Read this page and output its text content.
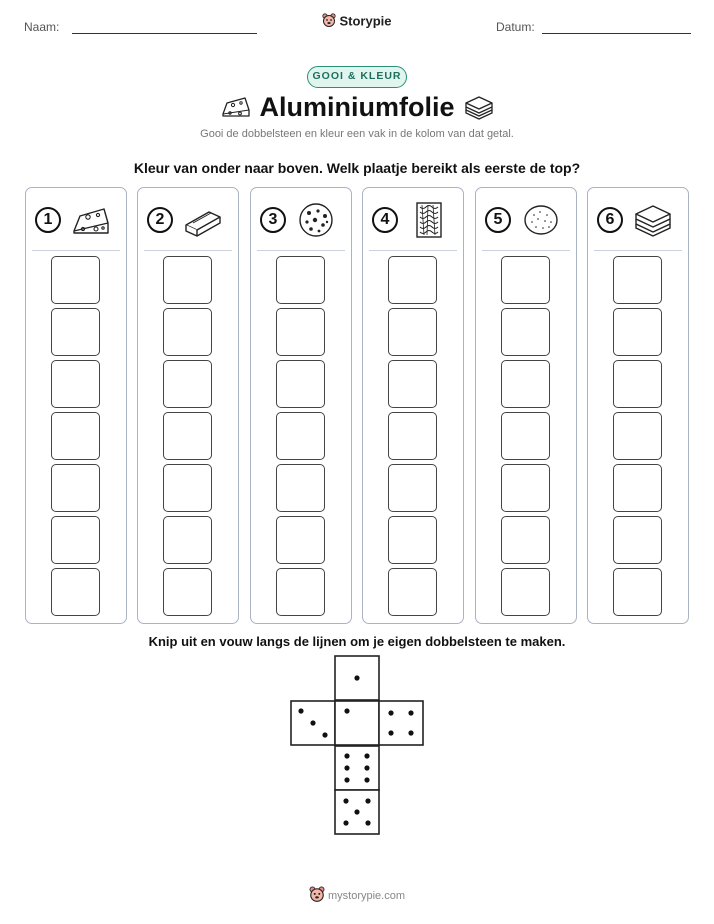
Naam:	Storypie	Datum:
GOOI & KLEUR
Aluminiumfolie
Gooi de dobbelsteen en kleur een vak in de kolom van dat getal.
Kleur van onder naar boven. Welk plaatje bereikt als eerste de top?
1	2	3	4	5	6
Knip uit en vouw langs de lijnen om je eigen dobbelsteen te maken.
mystorypie.com
